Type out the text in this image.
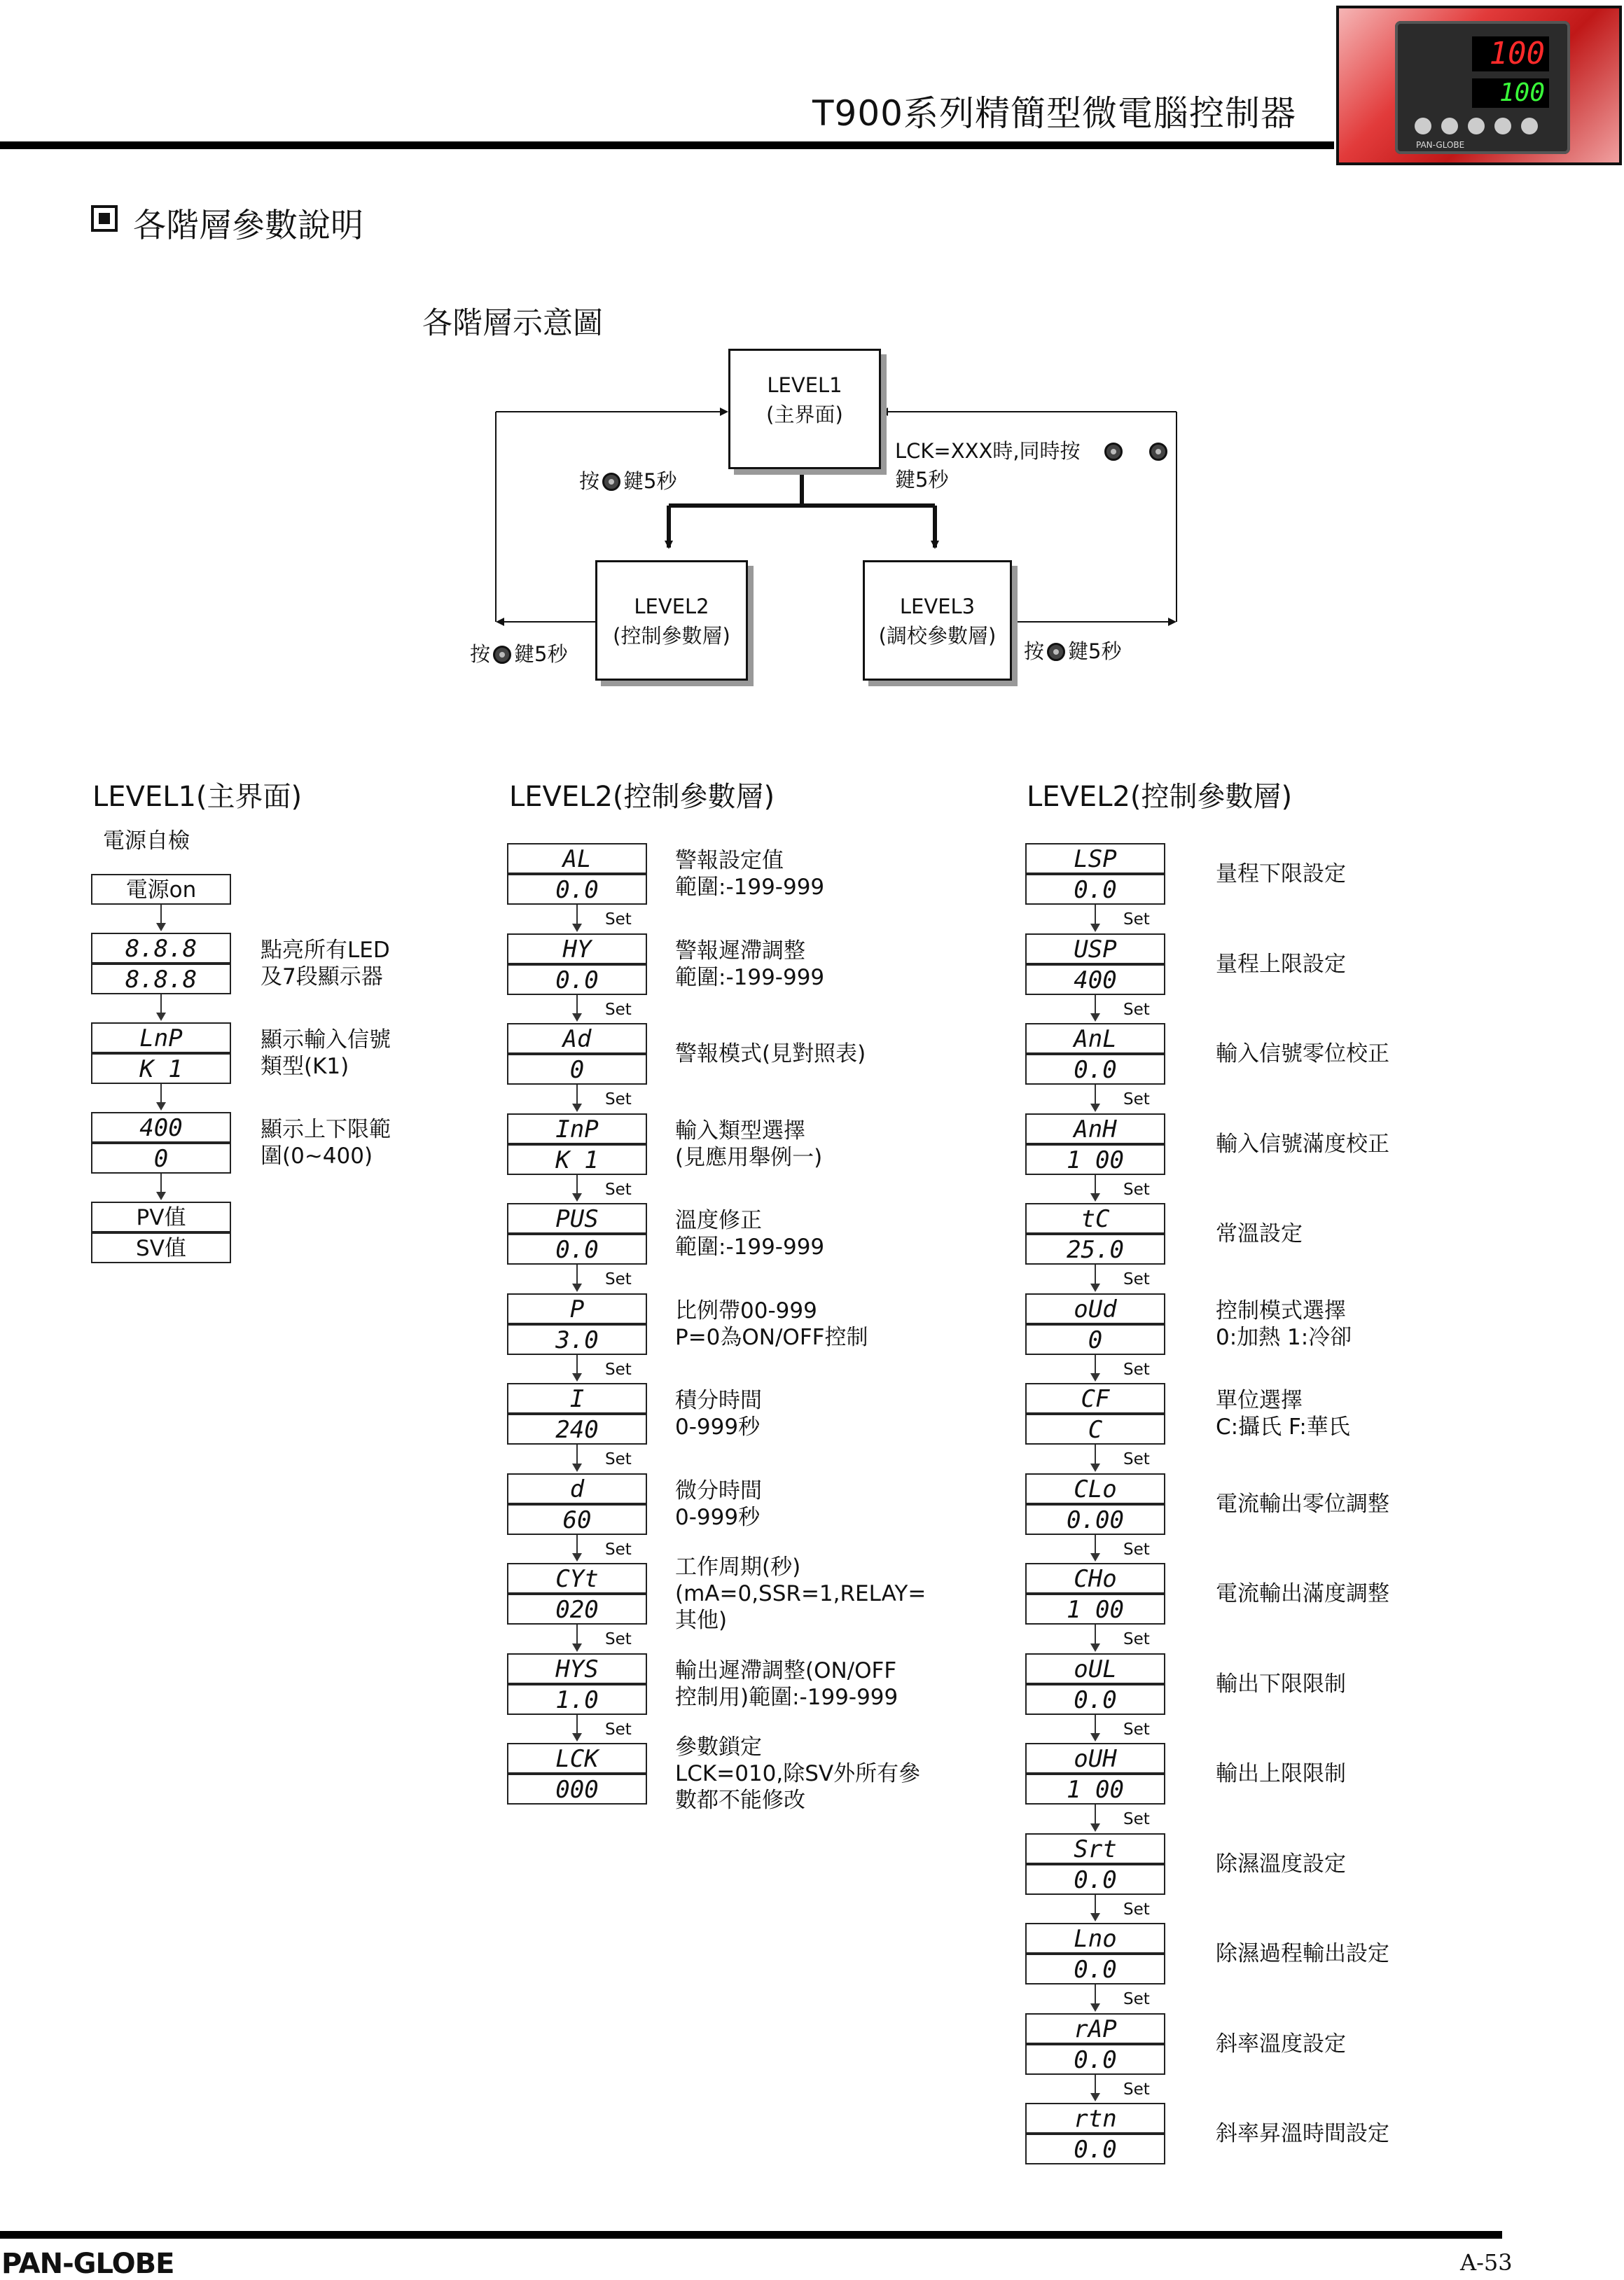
T900系列精簡型微電腦控制器
100
100
PAN-GLOBE
各階層參數說明
各階層示意圖
LEVEL1
(主界面)
LEVEL2
(控制參數層)
LEVEL3
(調校參數層)
按 鍵5秒
按 鍵5秒	按 鍵5秒
LCK=XXX時,同時按
鍵5秒
LEVEL1(主界面)
電源自檢
電源on
8.8.8
8.8.8
點亮所有LED
及7段顯示器
LnP
K 1
顯示輸入信號
類型(K1)
400
0
顯示上下限範
圍(0~400)
PV值
SV值
LEVEL2(控制參數層)
AL
0.0
警報設定值
範圍:-199-999
Set
HY
0.0
警報遲滯調整
範圍:-199-999
Set
Ad
0
警報模式(見對照表)
Set
InP
K 1
輸入類型選擇
(見應用舉例一)
Set
PUS
0.0
溫度修正
範圍:-199-999
Set
P
3.0
比例帶00-999
P=0為ON/OFF控制
Set
I
240
積分時間
0-999秒
Set
d
60
微分時間
0-999秒
Set
CYt
020
工作周期(秒)
(mA=0,SSR=1,RELAY=
其他)
Set
HYS
1.0
輸出遲滯調整(ON/OFF
控制用)範圍:-199-999
Set
LCK
000
參數鎖定
LCK=010,除SV外所有參
數都不能修改
LEVEL2(控制參數層)
LSP
0.0
量程下限設定
Set
USP
400
量程上限設定
Set
AnL
0.0
輸入信號零位校正
Set
AnH
1 00
輸入信號滿度校正
Set
tC
25.0
常溫設定
Set
oUd
0
控制模式選擇
0:加熱 1:冷卻
Set
CF
C
單位選擇
C:攝氏 F:華氏
Set
CLo
0.00
電流輸出零位調整
Set
CHo
1 00
電流輸出滿度調整
Set
oUL
0.0
輸出下限限制
Set
oUH
1 00
輸出上限限制
Set
Srt
0.0
除濕溫度設定
Set
Lno
0.0
除濕過程輸出設定
Set
rAP
0.0
斜率溫度設定
Set
rtn
0.0
斜率昇溫時間設定
PAN-GLOBE	A-53
